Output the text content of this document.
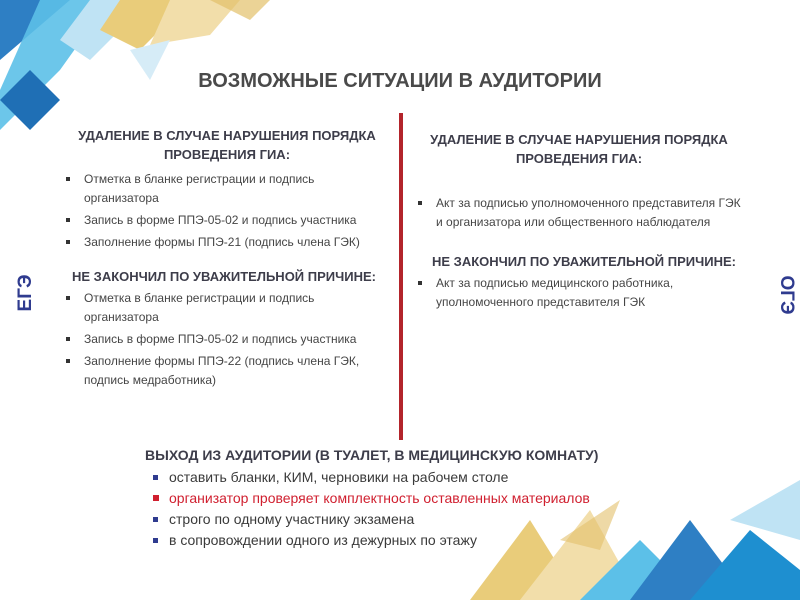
ВОЗМОЖНЫЕ СИТУАЦИИ В АУДИТОРИИ
ЕГЭ	ОГЭ
УДАЛЕНИЕ В СЛУЧАЕ НАРУШЕНИЯ ПОРЯДКА ПРОВЕДЕНИЯ ГИА:
Отметка в бланке регистрации и подпись организатора
Запись в форме ППЭ-05-02 и подпись участника
Заполнение формы ППЭ-21 (подпись члена ГЭК)
НЕ ЗАКОНЧИЛ ПО УВАЖИТЕЛЬНОЙ ПРИЧИНЕ:
Отметка в бланке регистрации и подпись организатора
Запись в форме ППЭ-05-02 и подпись участника
Заполнение формы ППЭ-22 (подпись члена ГЭК, подпись медработника)
УДАЛЕНИЕ В СЛУЧАЕ НАРУШЕНИЯ ПОРЯДКА ПРОВЕДЕНИЯ ГИА:
Акт за подписью уполномоченного представителя ГЭК и организатора или общественного наблюдателя
НЕ ЗАКОНЧИЛ ПО УВАЖИТЕЛЬНОЙ ПРИЧИНЕ:
Акт за подписью медицинского работника, уполномоченного представителя ГЭК
ВЫХОД ИЗ АУДИТОРИИ (В ТУАЛЕТ, В МЕДИЦИНСКУЮ КОМНАТУ)
оставить бланки, КИМ, черновики на рабочем столе
организатор проверяет комплектность оставленных материалов
строго по одному участнику экзамена
в сопровождении одного из дежурных по этажу
